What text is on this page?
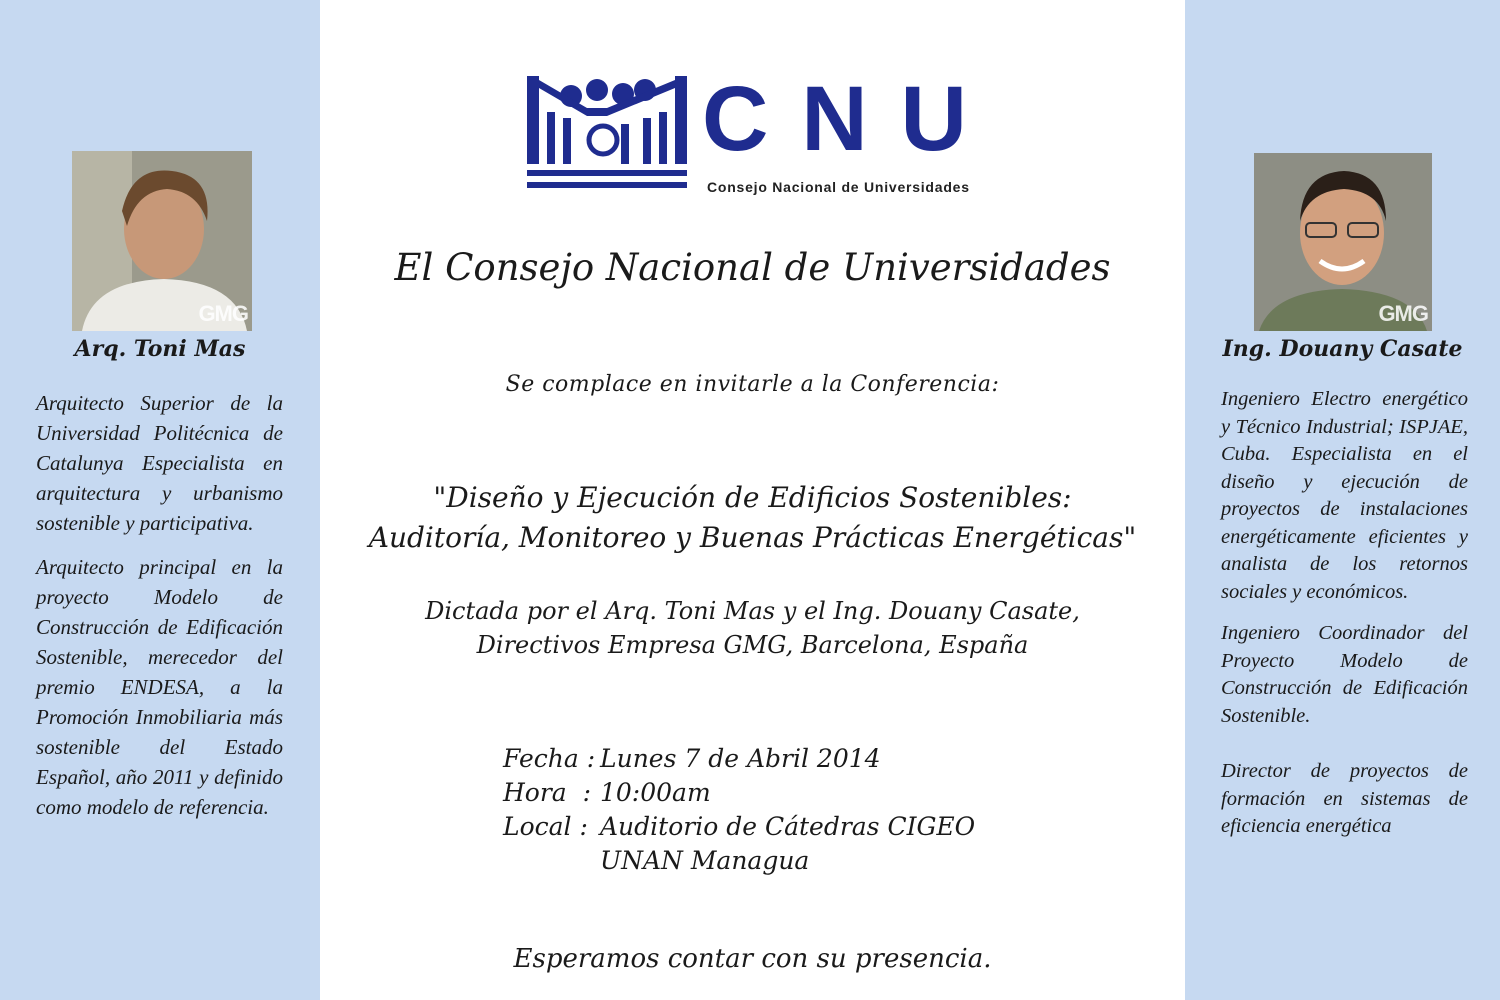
GMG
Arq. Toni Mas

Arquitecto Superior de la Universidad Politécnica de Catalunya Especialista en arquitectura y urbanismo sostenible y participativa.

Arquitecto principal en la proyecto Modelo de Construcción de Edificación Sostenible, merecedor del premio ENDESA, a la Promoción Inmobiliaria más sostenible del Estado Español, año 2011 y definido como modelo de referencia.

GMG
Ing. Douany Casate

Ingeniero Electro energético y Técnico Industrial; ISPJAE, Cuba. Especialista en el diseño y ejecución de proyectos de instalaciones energéticamente eficientes y analista de los retornos sociales y económicos.

Ingeniero Coordinador del Proyecto Modelo de Construcción de Edificación Sostenible.

Director de proyectos de formación en sistemas de eficiencia energética

CNU
Consejo Nacional de Universidades
El Consejo Nacional de Universidades
Se complace en invitarle a la Conferencia:
"Diseño y Ejecución de Edificios Sostenibles:
Auditoría, Monitoreo y Buenas Prácticas Energéticas"
Dictada por el Arq. Toni Mas y el Ing. Douany Casate,
Directivos Empresa GMG, Barcelona, España
Fecha : Lunes 7 de Abril 2014
Hora  : 10:00am
Local : Auditorio de Cátedras CIGEO
UNAN Managua
Esperamos contar con su presencia.
